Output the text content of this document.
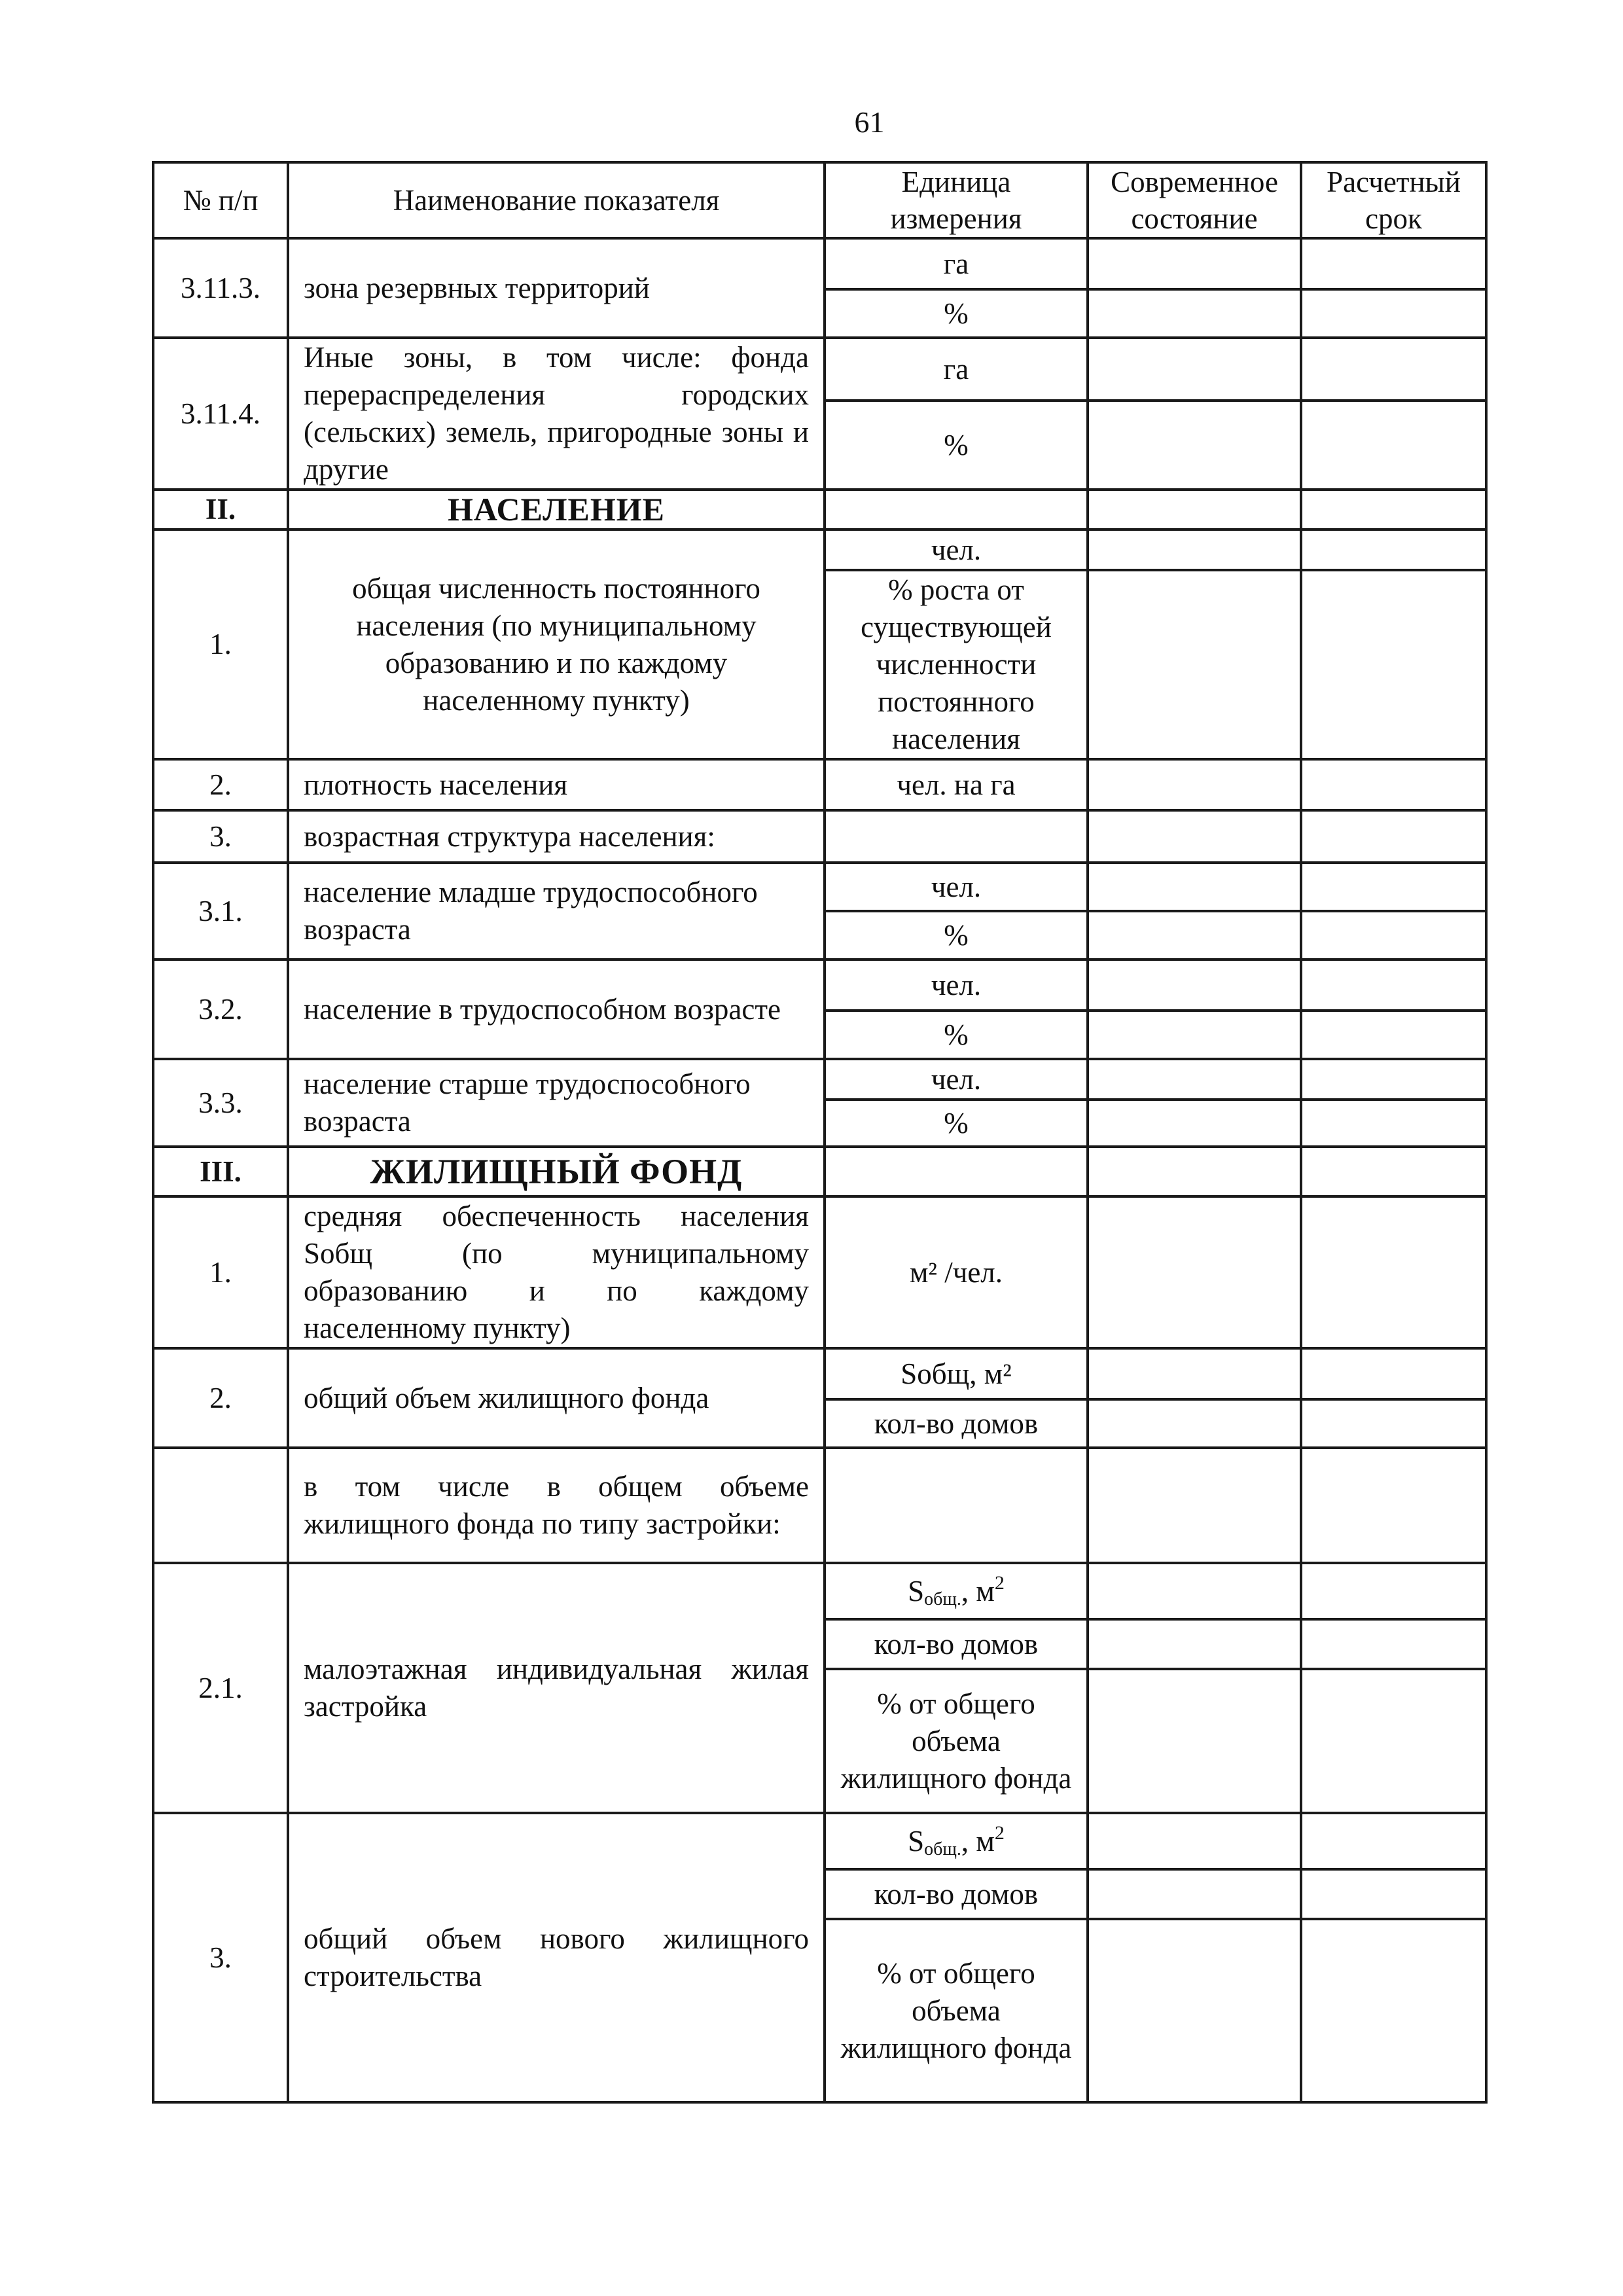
61
№ п/п	Наименование показателя	Единица измерения	Современное состояние	Расчетный срок
3.11.3.	зона резервных территорий	га		
		%		
3.11.4.	Иные зоны, в том числе: фонда перераспределения городских (сельских) земель, пригородные зоны и другие	га		
		%		
II.	НАСЕЛЕНИЕ			
1.	общая численность постоянного населения (по муниципальному образованию и по каждому населенному пункту)	чел.		
		% роста от существующей численности постоянного населения		
2.	плотность населения	чел. на га		
3.	возрастная структура населения:			
3.1.	население младше трудоспособного возраста	чел.		
		%		
3.2.	население в трудоспособном возрасте	чел.		
		%		
3.3.	население старше трудоспособного возраста	чел.		
		%		
III.	ЖИЛИЩНЫЙ ФОНД			
1.	средняя обеспеченность населения Sобщ (по муниципальному образованию и по каждому населенному пункту)	м² /чел.		
2.	общий объем жилищного фонда	Sобщ, м²		
		кол-во домов		
	в том числе в общем объеме жилищного фонда по типу застройки:			
2.1.	малоэтажная индивидуальная жилая застройка	$S_{общ.}$, $м^2$		
		кол-во домов		
		% от общего объема жилищного фонда		
3.	общий объем нового жилищного строительства	$S_{общ.}$, $м^2$		
		кол-во домов		
		% от общего объема жилищного фонда		
